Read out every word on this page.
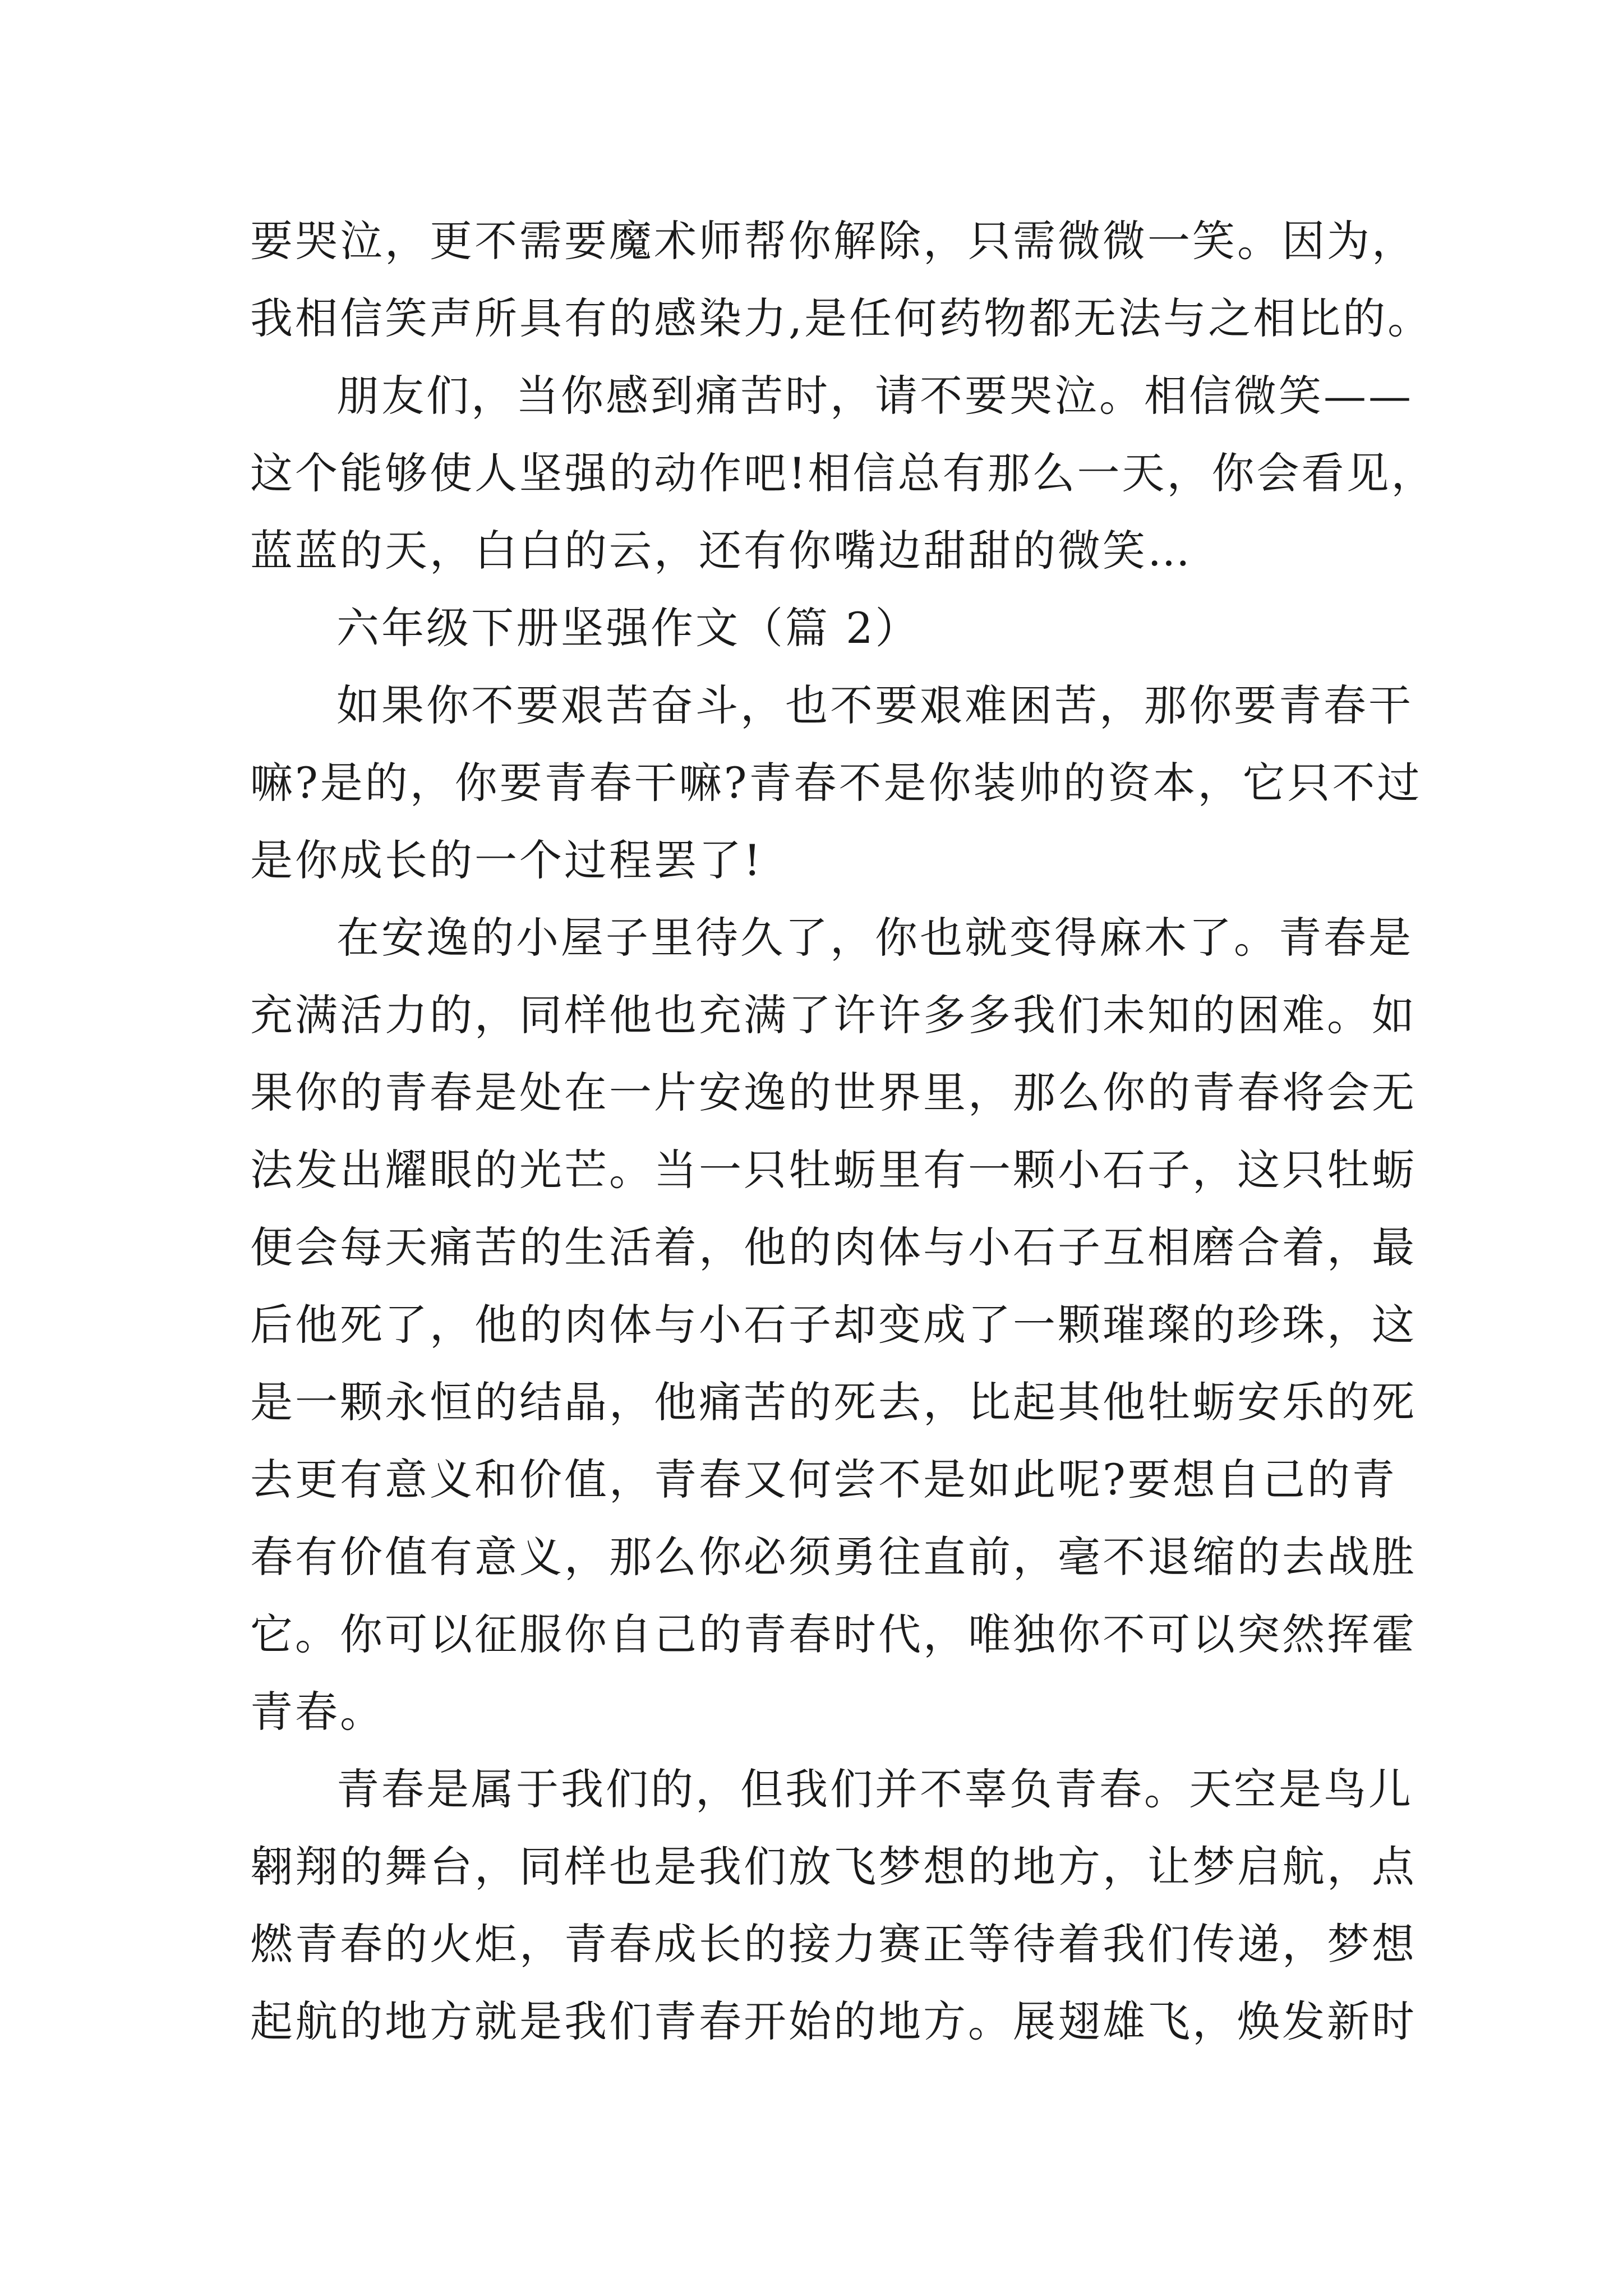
要哭泣，更不需要魔术师帮你解除，只需微微一笑。因为，
我相信笑声所具有的感染力,是任何药物都无法与之相比的。
朋友们，当你感到痛苦时，请不要哭泣。相信微笑——
这个能够使人坚强的动作吧!相信总有那么一天，你会看见，
蓝蓝的天，白白的云，还有你嘴边甜甜的微笑…
六年级下册坚强作文（篇 2）
如果你不要艰苦奋斗，也不要艰难困苦，那你要青春干
嘛?是的，你要青春干嘛?青春不是你装帅的资本，它只不过
是你成长的一个过程罢了!
在安逸的小屋子里待久了，你也就变得麻木了。青春是
充满活力的，同样他也充满了许许多多我们未知的困难。如
果你的青春是处在一片安逸的世界里，那么你的青春将会无
法发出耀眼的光芒。当一只牡蛎里有一颗小石子，这只牡蛎
便会每天痛苦的生活着，他的肉体与小石子互相磨合着，最
后他死了，他的肉体与小石子却变成了一颗璀璨的珍珠，这
是一颗永恒的结晶，他痛苦的死去，比起其他牡蛎安乐的死
去更有意义和价值，青春又何尝不是如此呢?要想自己的青
春有价值有意义，那么你必须勇往直前，毫不退缩的去战胜
它。你可以征服你自己的青春时代，唯独你不可以突然挥霍
青春。
青春是属于我们的，但我们并不辜负青春。天空是鸟儿
翱翔的舞台，同样也是我们放飞梦想的地方，让梦启航，点
燃青春的火炬，青春成长的接力赛正等待着我们传递，梦想
起航的地方就是我们青春开始的地方。展翅雄飞，焕发新时
